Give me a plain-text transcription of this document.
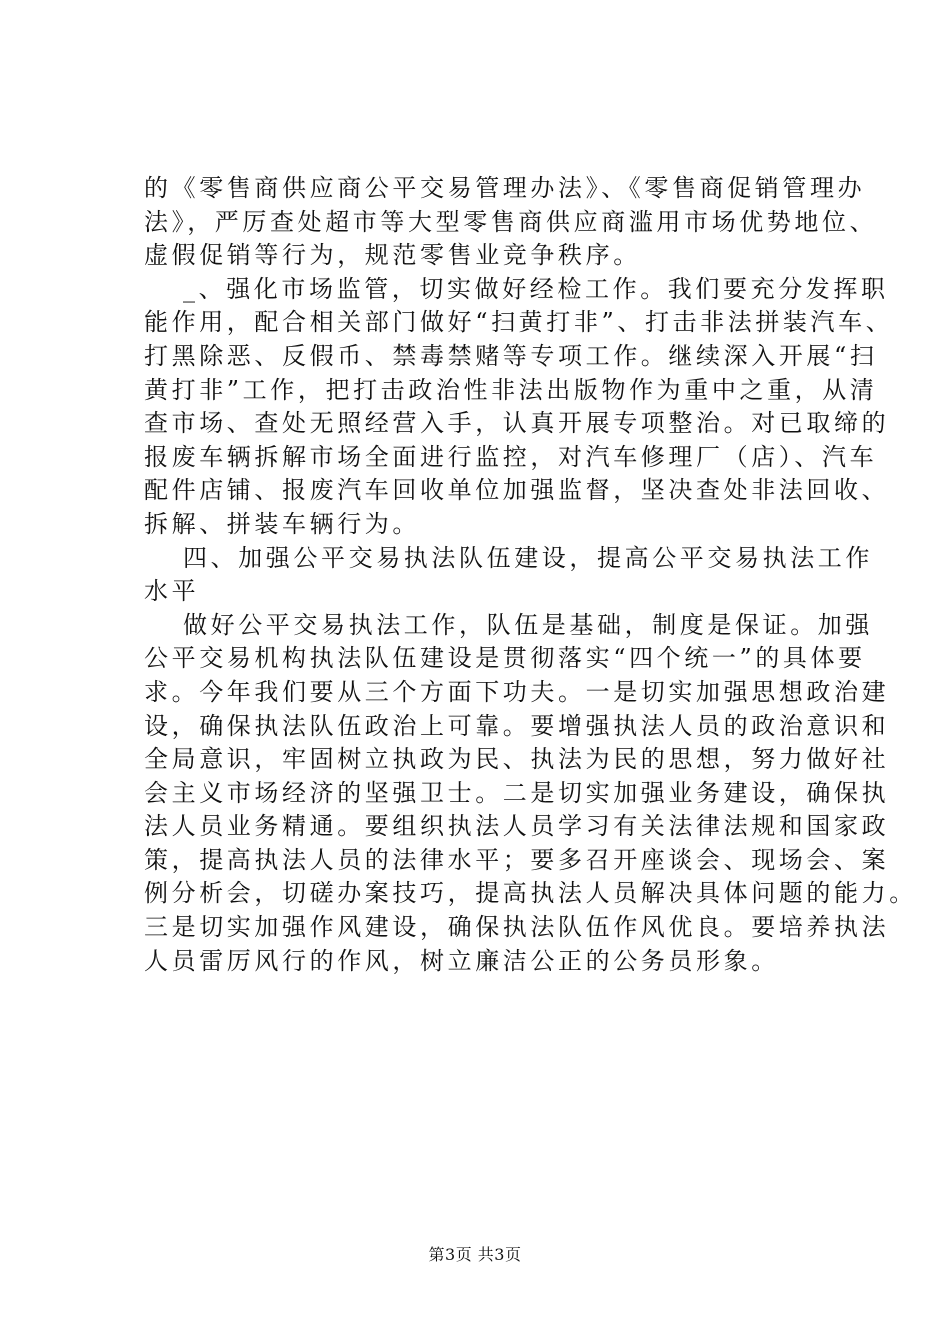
的《零售商供应商公平交易管理办法》、《零售商促销管理办
法》，严厉查处超市等大型零售商供应商滥用市场优势地位、
虚假促销等行为，规范零售业竞争秩序。
_、强化市场监管，切实做好经检工作。我们要充分发挥职
能作用，配合相关部门做好“扫黄打非”、打击非法拼装汽车、
打黑除恶、反假币、禁毒禁赌等专项工作。继续深入开展“扫
黄打非”工作，把打击政治性非法出版物作为重中之重，从清
查市场、查处无照经营入手，认真开展专项整治。对已取缔的
报废车辆拆解市场全面进行监控，对汽车修理厂（店）、汽车
配件店铺、报废汽车回收单位加强监督，坚决查处非法回收、
拆解、拼装车辆行为。
四、加强公平交易执法队伍建设，提高公平交易执法工作
水平
做好公平交易执法工作，队伍是基础，制度是保证。加强
公平交易机构执法队伍建设是贯彻落实“四个统一”的具体要
求。今年我们要从三个方面下功夫。一是切实加强思想政治建
设，确保执法队伍政治上可靠。要增强执法人员的政治意识和
全局意识，牢固树立执政为民、执法为民的思想，努力做好社
会主义市场经济的坚强卫士。二是切实加强业务建设，确保执
法人员业务精通。要组织执法人员学习有关法律法规和国家政
策，提高执法人员的法律水平；要多召开座谈会、现场会、案
例分析会，切磋办案技巧，提高执法人员解决具体问题的能力。
三是切实加强作风建设，确保执法队伍作风优良。要培养执法
人员雷厉风行的作风，树立廉洁公正的公务员形象。
第3页 共3页
